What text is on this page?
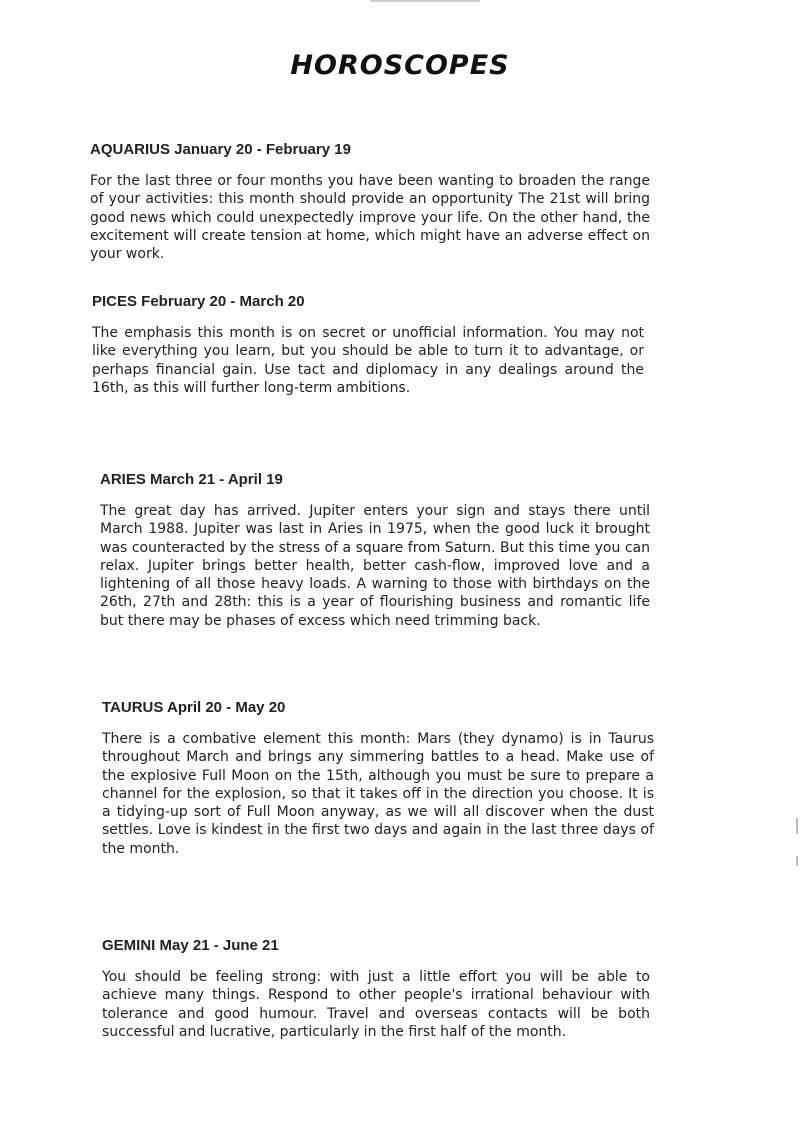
HOROSCOPES
AQUARIUS January 20 - February 19

For the last three or four months you have been wanting to broaden the range of your activities: this month should provide an opportunity The 21st will bring good news which could unexpectedly improve your life. On the other hand, the excitement will create tension at home, which might have an adverse effect on your work.

PICES February 20 - March 20

The emphasis this month is on secret or unofficial information. You may not like everything you learn, but you should be able to turn it to advantage, or perhaps financial gain. Use tact and diplomacy in any dealings around the 16th, as this will further long-term ambitions.

ARIES March 21 - April 19

The great day has arrived. Jupiter enters your sign and stays there until March 1988. Jupiter was last in Aries in 1975, when the good luck it brought was counteracted by the stress of a square from Saturn. But this time you can relax. Jupiter brings better health, better cash-flow, improved love and a lightening of all those heavy loads. A warning to those with birthdays on the 26th, 27th and 28th: this is a year of flourishing business and romantic life but there may be phases of excess which need trimming back.

TAURUS April 20 - May 20

There is a combative element this month: Mars (they dynamo) is in Taurus throughout March and brings any simmering battles to a head. Make use of the explosive Full Moon on the 15th, although you must be sure to prepare a channel for the explosion, so that it takes off in the direction you choose. It is a tidying-up sort of Full Moon anyway, as we will all discover when the dust settles. Love is kindest in the first two days and again in the last three days of the month.

GEMINI May 21 - June 21

You should be feeling strong: with just a little effort you will be able to achieve many things. Respond to other people's irrational behaviour with tolerance and good humour. Travel and overseas contacts will be both successful and lucrative, particularly in the first half of the month.
